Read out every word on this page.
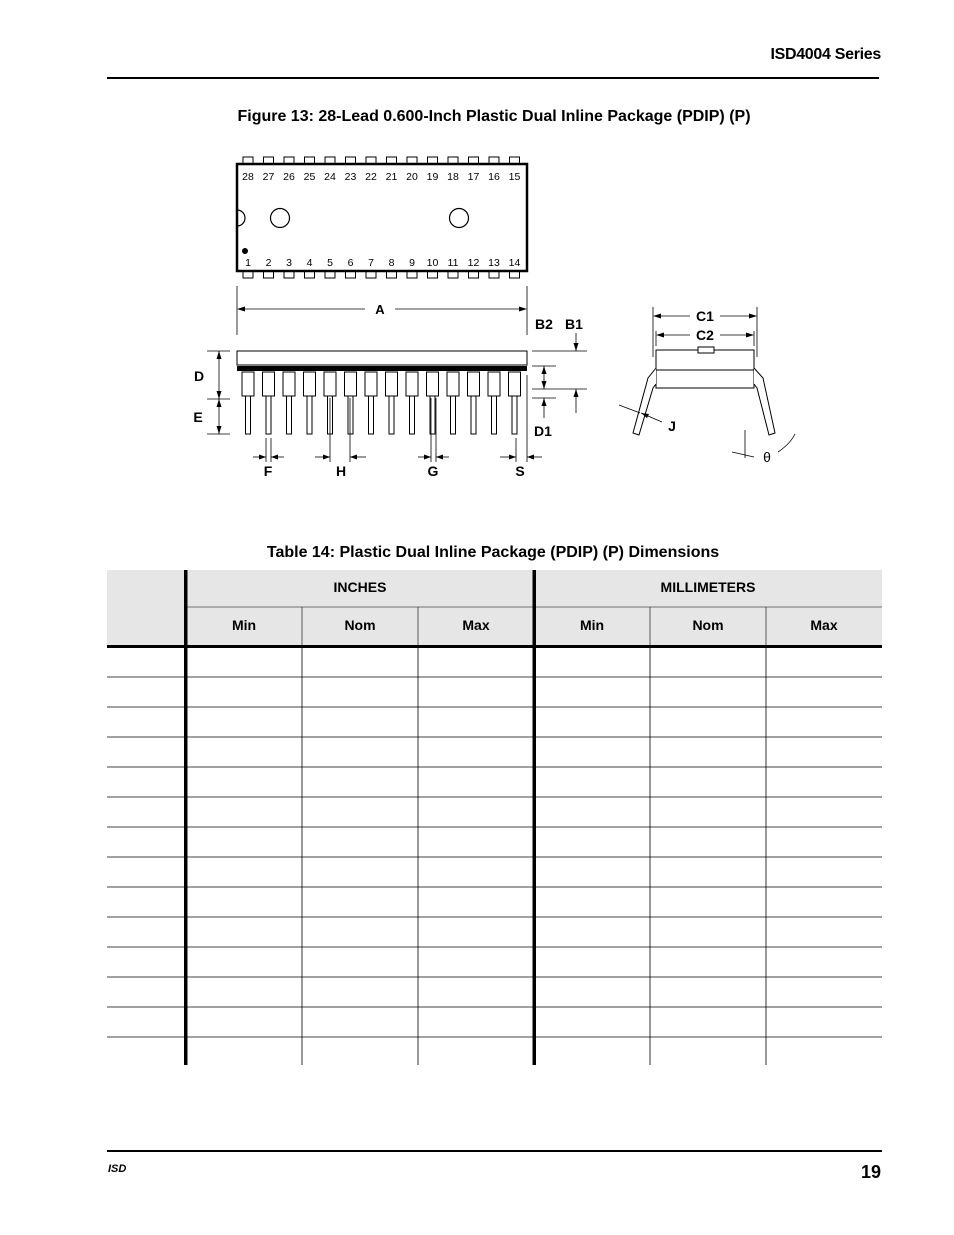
ISD4004 Series
Figure 13: 28-Lead 0.600-Inch Plastic Dual Inline Package (PDIP) (P)
28 27 26 25 24 23 22 21 20 19 18 17 16 15
1 2 3 4 5 6 7 8 9 10 11 12 13 14
A
D
E
B2 B1
D1
F	H	G	S
C1
C2
J
θ
Table 14: Plastic Dual Inline Package (PDIP) (P) Dimensions
INCHES	MILLIMETERS
Min	Nom	Max	Min	Nom	Max
ISD	19
